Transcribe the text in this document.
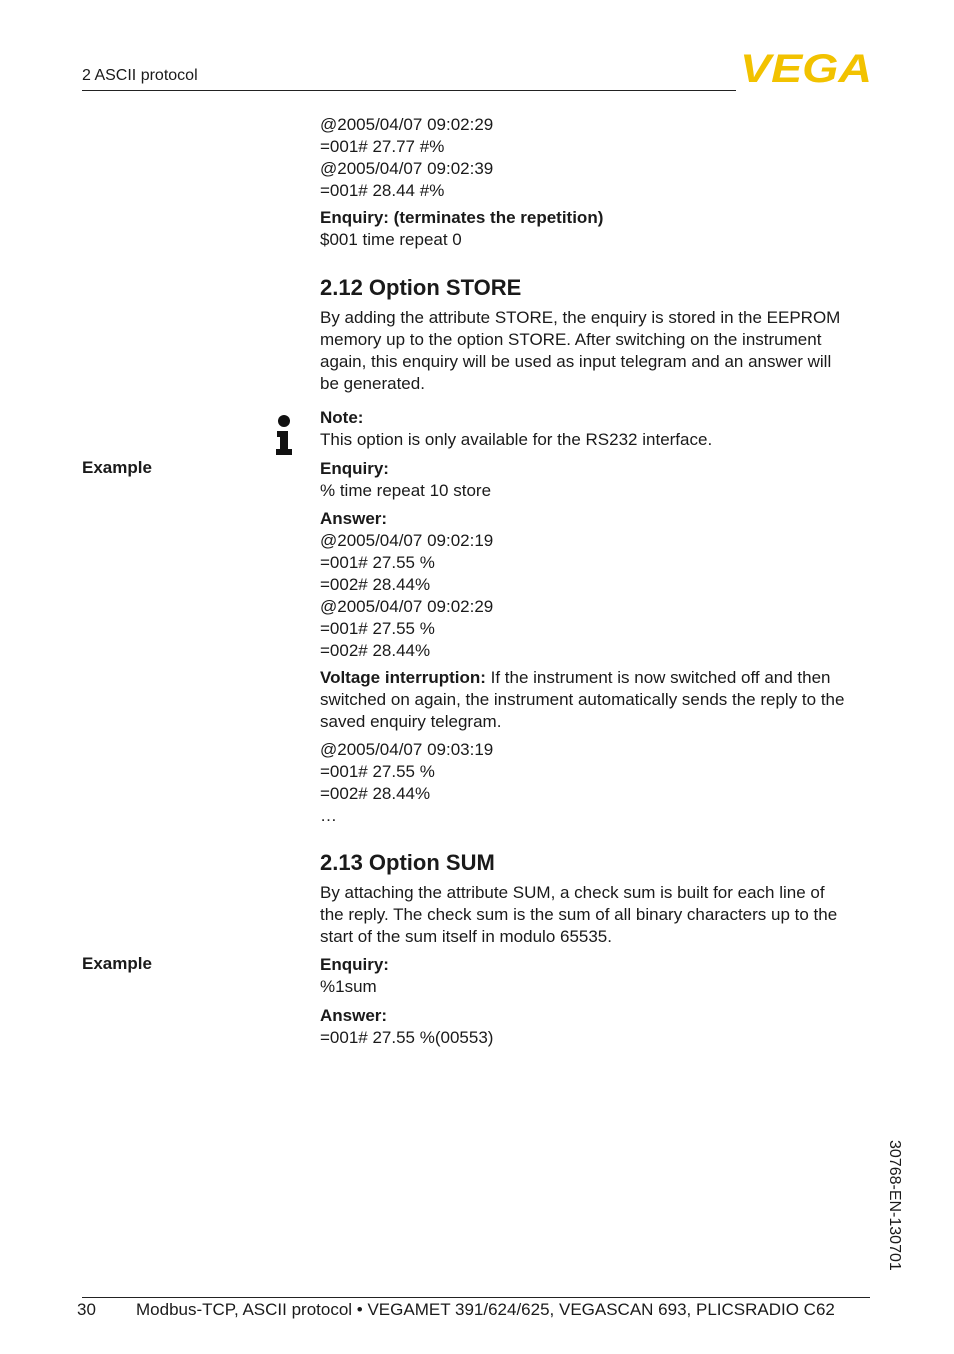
2 ASCII protocol	VEGA
@2005/04/07 09:02:29
=001# 27.77 #%
@2005/04/07 09:02:39
=001# 28.44 #%
Enquiry: (terminates the repetition)
$001 time repeat 0
2.12 Option STORE
By adding the attribute STORE, the enquiry is stored in the EEPROM
memory up to the option STORE. After switching on the instrument
again, this enquiry will be used as input telegram and an answer will
be generated.
Note:
This option is only available for the RS232 interface.
Example	Enquiry:
% time repeat 10 store
Answer:
@2005/04/07 09:02:19
=001# 27.55 %
=002# 28.44%
@2005/04/07 09:02:29
=001# 27.55 %
=002# 28.44%
Voltage interruption: If the instrument is now switched off and then
switched on again, the instrument automatically sends the reply to the
saved enquiry telegram.
@2005/04/07 09:03:19
=001# 27.55 %
=002# 28.44%
…
2.13 Option SUM
By attaching the attribute SUM, a check sum is built for each line of
the reply. The check sum is the sum of all binary characters up to the
start of the sum itself in modulo 65535.
Example	Enquiry:
%1sum
Answer:
=001# 27.55 %(00553)
30768-EN-130701
30 Modbus-TCP, ASCII protocol • VEGAMET 391/624/625, VEGASCAN 693, PLICSRADIO C62
